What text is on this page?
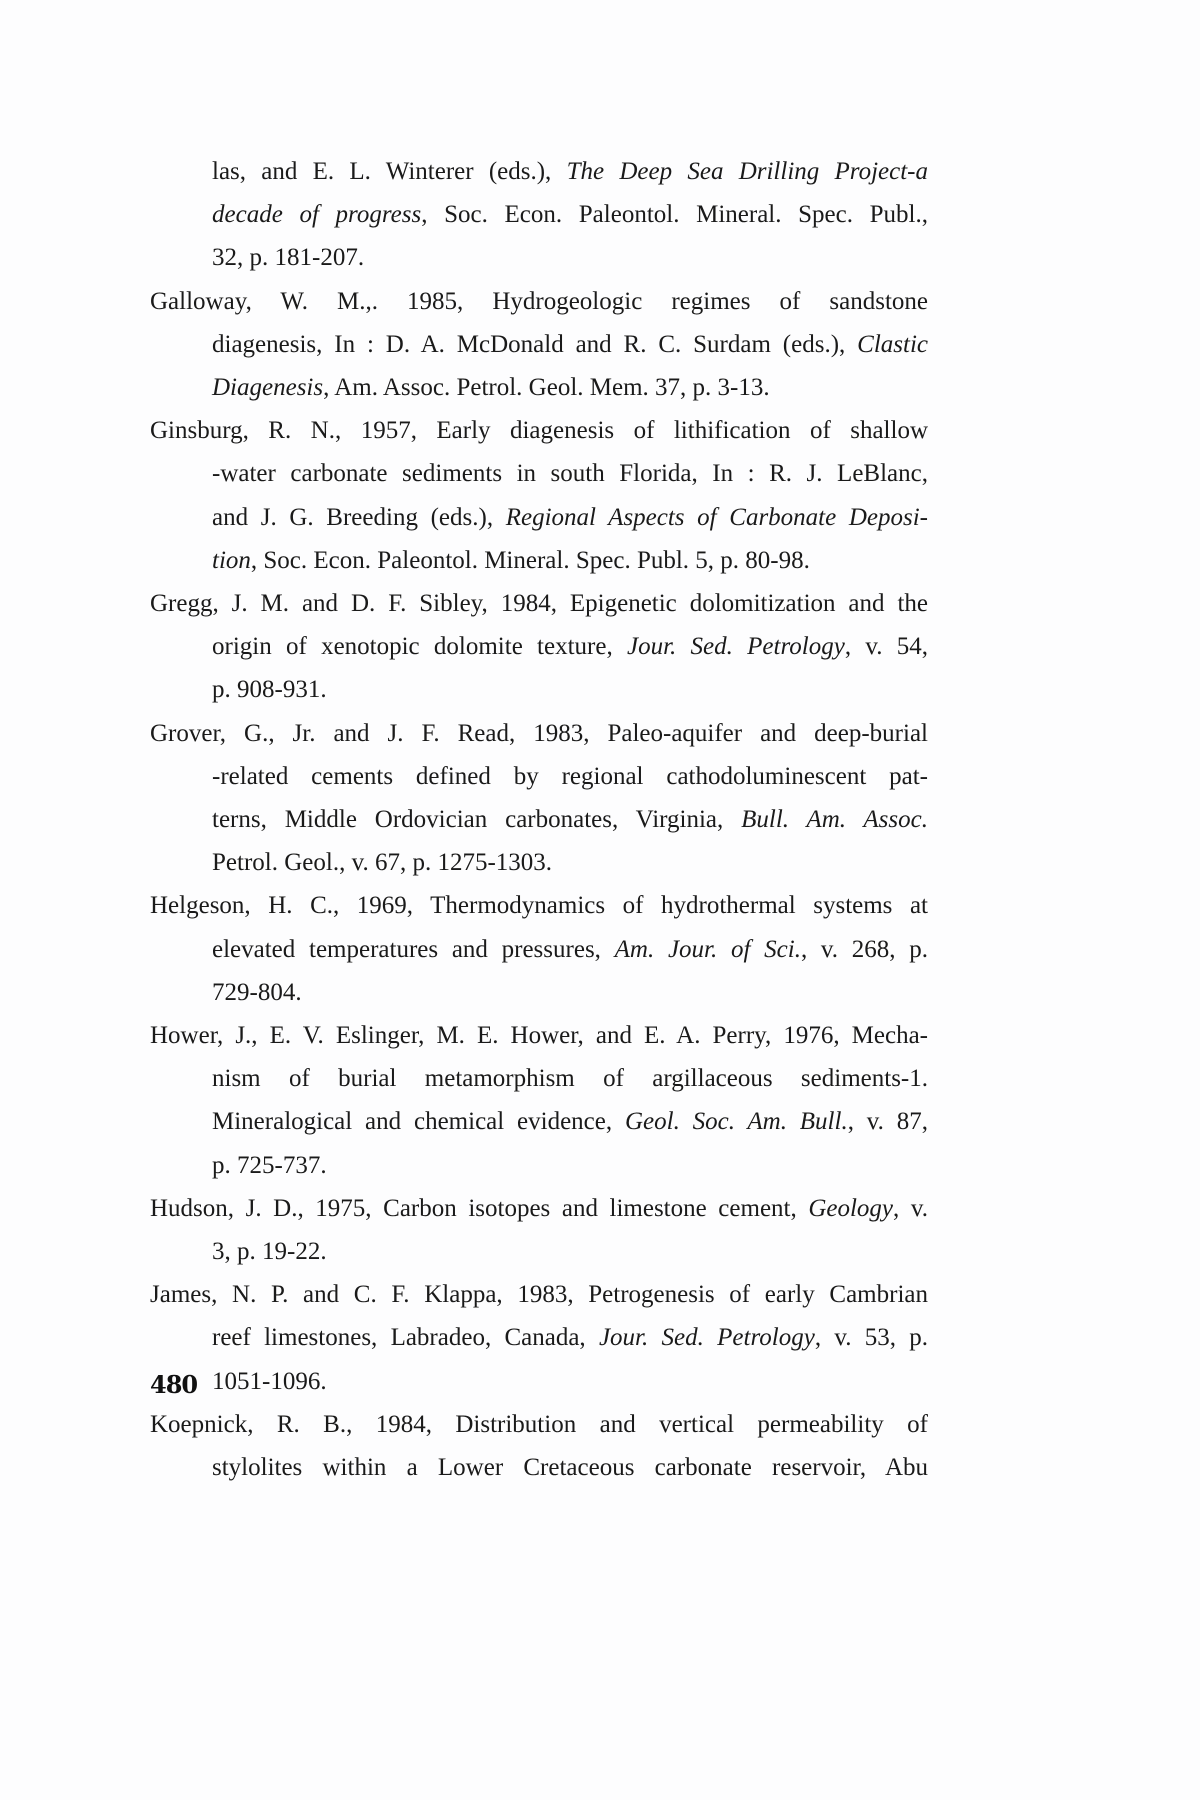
las, and E. L. Winterer (eds.), The Deep Sea Drilling Project-a
decade of progress, Soc. Econ. Paleontol. Mineral. Spec. Publ.,
32, p. 181-207.
Galloway, W. M.,. 1985, Hydrogeologic regimes of sandstone
diagenesis, In : D. A. McDonald and R. C. Surdam (eds.), Clastic
Diagenesis, Am. Assoc. Petrol. Geol. Mem. 37, p. 3-13.
Ginsburg, R. N., 1957, Early diagenesis of lithification of shallow
-water carbonate sediments in south Florida, In : R. J. LeBlanc,
and J. G. Breeding (eds.), Regional Aspects of Carbonate Deposi-
tion, Soc. Econ. Paleontol. Mineral. Spec. Publ. 5, p. 80-98.
Gregg, J. M. and D. F. Sibley, 1984, Epigenetic dolomitization and the
origin of xenotopic dolomite texture, Jour. Sed. Petrology, v. 54,
p. 908-931.
Grover, G., Jr. and J. F. Read, 1983, Paleo-aquifer and deep-burial
-related cements defined by regional cathodoluminescent pat-
terns, Middle Ordovician carbonates, Virginia, Bull. Am. Assoc.
Petrol. Geol., v. 67, p. 1275-1303.
Helgeson, H. C., 1969, Thermodynamics of hydrothermal systems at
elevated temperatures and pressures, Am. Jour. of Sci., v. 268, p.
729-804.
Hower, J., E. V. Eslinger, M. E. Hower, and E. A. Perry, 1976, Mecha-
nism of burial metamorphism of argillaceous sediments-1.
Mineralogical and chemical evidence, Geol. Soc. Am. Bull., v. 87,
p. 725-737.
Hudson, J. D., 1975, Carbon isotopes and limestone cement, Geology, v.
3, p. 19-22.
James, N. P. and C. F. Klappa, 1983, Petrogenesis of early Cambrian
reef limestones, Labradeo, Canada, Jour. Sed. Petrology, v. 53, p.
1051-1096.
Koepnick, R. B., 1984, Distribution and vertical permeability of
stylolites within a Lower Cretaceous carbonate reservoir, Abu
480
